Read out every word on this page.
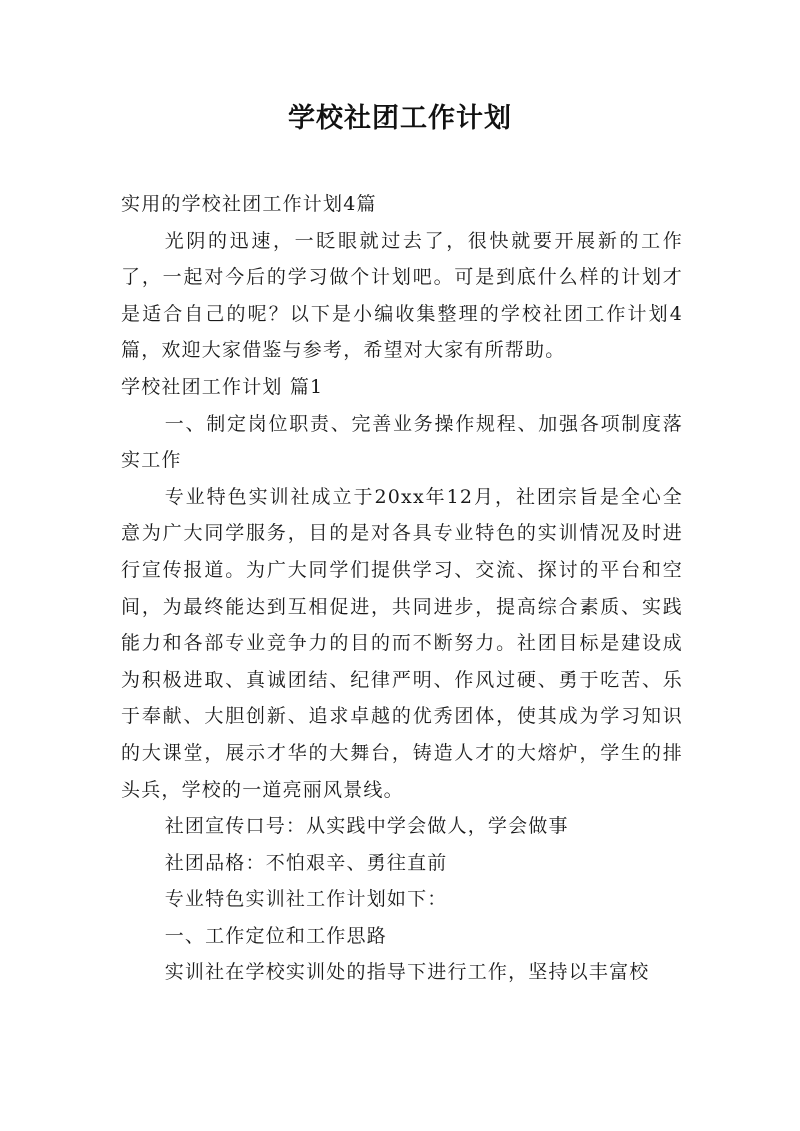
学校社团工作计划

实用的学校社团工作计划4篇

光阴的迅速，一眨眼就过去了，很快就要开展新的工作了，一起对今后的学习做个计划吧。可是到底什么样的计划才是适合自己的呢？以下是小编收集整理的学校社团工作计划4篇，欢迎大家借鉴与参考，希望对大家有所帮助。

学校社团工作计划 篇1

一、制定岗位职责、完善业务操作规程、加强各项制度落实工作

专业特色实训社成立于20xx年12月，社团宗旨是全心全意为广大同学服务，目的是对各具专业特色的实训情况及时进行宣传报道。为广大同学们提供学习、交流、探讨的平台和空间，为最终能达到互相促进，共同进步，提高综合素质、实践能力和各部专业竞争力的目的而不断努力。社团目标是建设成为积极进取、真诚团结、纪律严明、作风过硬、勇于吃苦、乐于奉献、大胆创新、追求卓越的优秀团体，使其成为学习知识的大课堂，展示才华的大舞台，铸造人才的大熔炉，学生的排头兵，学校的一道亮丽风景线。

社团宣传口号：从实践中学会做人，学会做事

社团品格：不怕艰辛、勇往直前

专业特色实训社工作计划如下：

一、工作定位和工作思路

实训社在学校实训处的指导下进行工作，坚持以丰富校
